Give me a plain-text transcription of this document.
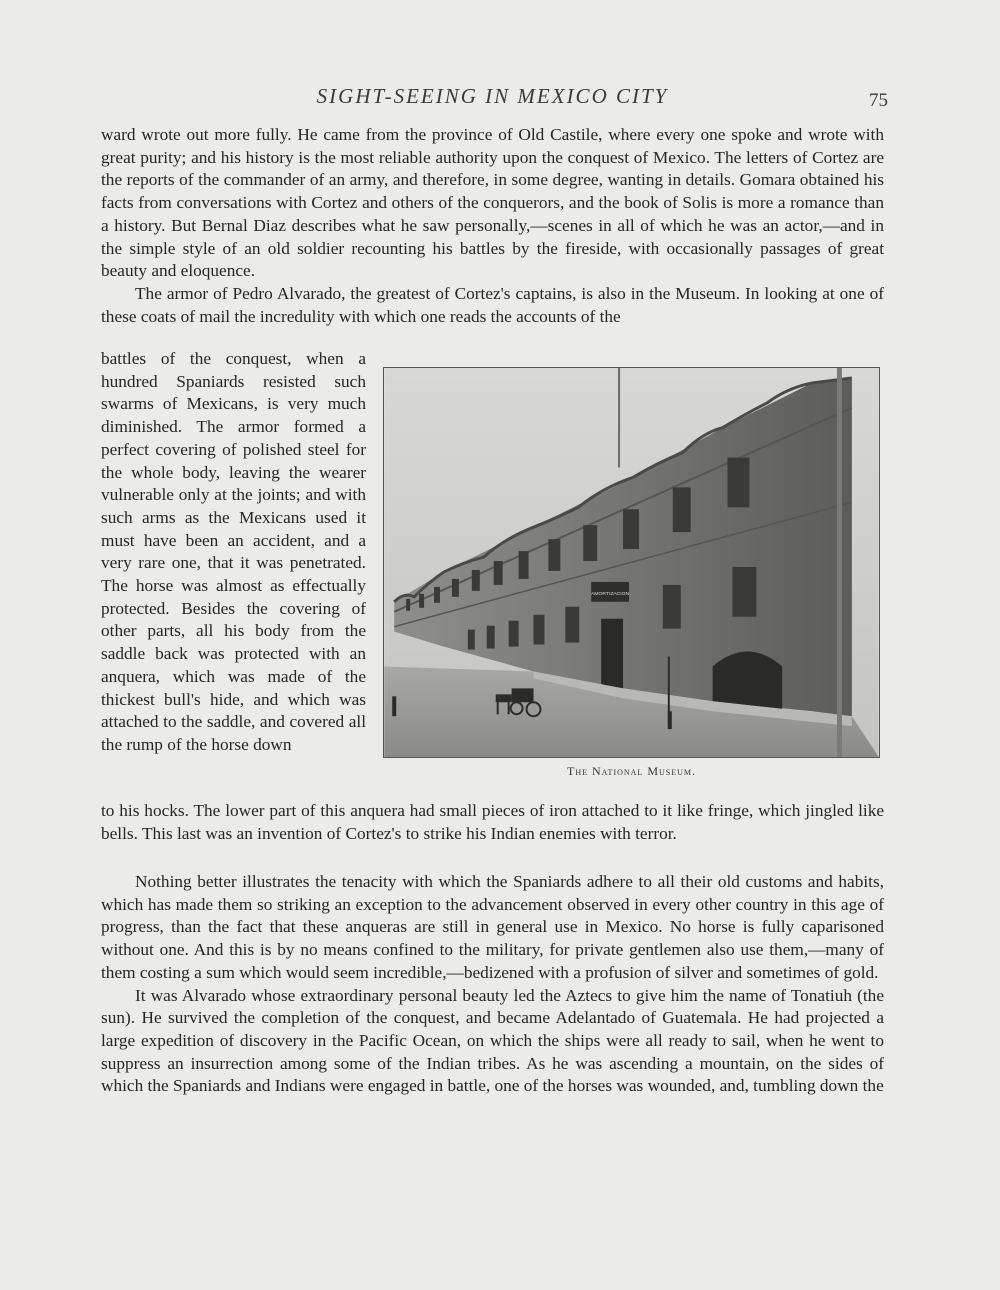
SIGHT-SEEING IN MEXICO CITY	75

ward wrote out more fully. He came from the province of Old Castile, where every one spoke and wrote with great purity; and his history is the most reliable authority upon the conquest of Mexico. The letters of Cortez are the reports of the commander of an army, and therefore, in some degree, wanting in details. Gomara obtained his facts from conversations with Cortez and others of the conquerors, and the book of Solis is more a romance than a history. But Bernal Diaz describes what he saw personally,—scenes in all of which he was an actor,—and in the simple style of an old soldier recounting his battles by the fireside, with occasionally passages of great beauty and eloquence.

The armor of Pedro Alvarado, the greatest of Cortez's captains, is also in the Museum. In looking at one of these coats of mail the incredulity with which one reads the accounts of the

battles of the conquest, when a hundred Spaniards resisted such swarms of Mexicans, is very much diminished. The armor formed a perfect covering of polished steel for the whole body, leaving the wearer vulnerable only at the joints; and with such arms as the Mexicans used it must have been an accident, and a very rare one, that it was penetrated. The horse was almost as effectually protected. Besides the covering of other parts, all his body from the saddle back was protected with an anquera, which was made of the thickest bull's hide, and which was attached to the saddle, and covered all the rump of the horse down
AMORTIZACION
The National Museum.

to his hocks. The lower part of this anquera had small pieces of iron attached to it like fringe, which jingled like bells. This last was an invention of Cortez's to strike his Indian enemies with terror.

Nothing better illustrates the tenacity with which the Spaniards adhere to all their old customs and habits, which has made them so striking an exception to the advancement observed in every other country in this age of progress, than the fact that these anqueras are still in general use in Mexico. No horse is fully caparisoned without one. And this is by no means confined to the military, for private gentlemen also use them,—many of them costing a sum which would seem incredible,—bedizened with a profusion of silver and sometimes of gold.

It was Alvarado whose extraordinary personal beauty led the Aztecs to give him the name of Tonatiuh (the sun). He survived the completion of the conquest, and became Adelantado of Guatemala. He had projected a large expedition of discovery in the Pacific Ocean, on which the ships were all ready to sail, when he went to suppress an insurrection among some of the Indian tribes. As he was ascending a mountain, on the sides of which the Spaniards and Indians were engaged in battle, one of the horses was wounded, and, tumbling down the
